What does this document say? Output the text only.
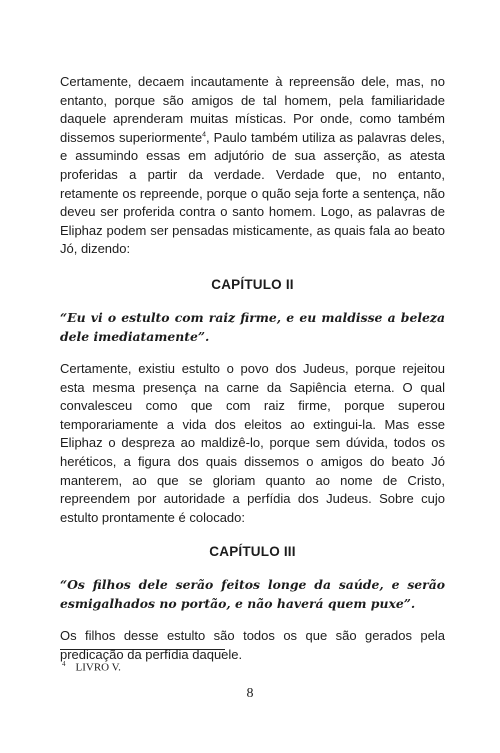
Certamente, decaem incautamente à repreensão dele, mas, no entanto, porque são amigos de tal homem, pela familiaridade daquele aprenderam muitas místicas. Por onde, como também dissemos superiormente$^4$, Paulo também utiliza as palavras deles, e assumindo essas em adjutório de sua asserção, as atesta proferidas a partir da verdade. Verdade que, no entanto, retamente os repreende, porque o quão seja forte a sentença, não deveu ser proferida contra o santo homem. Logo, as palavras de Eliphaz podem ser pensadas misticamente, as quais fala ao beato Jó, dizendo:

CAPÍTULO II

“Eu vi o estulto com raiz firme, e eu maldisse a beleza dele imediatamente”.

Certamente, existiu estulto o povo dos Judeus, porque rejeitou esta mesma presença na carne da Sapiência eterna. O qual convalesceu como que com raiz firme, porque superou temporariamente a vida dos eleitos ao extingui-la. Mas esse Eliphaz o despreza ao maldizê-lo, porque sem dúvida, todos os heréticos, a figura dos quais dissemos o amigos do beato Jó manterem, ao que se gloriam quanto ao nome de Cristo, repreendem por autoridade a perfídia dos Judeus. Sobre cujo estulto prontamente é colocado:

CAPÍTULO III

“Os filhos dele serão feitos longe da saúde, e serão esmigalhados no portão, e não haverá quem puxe”.

Os filhos desse estulto são todos os que são gerados pela predicação da perfídia daquele.

$^4$ LIVRO V.
8
